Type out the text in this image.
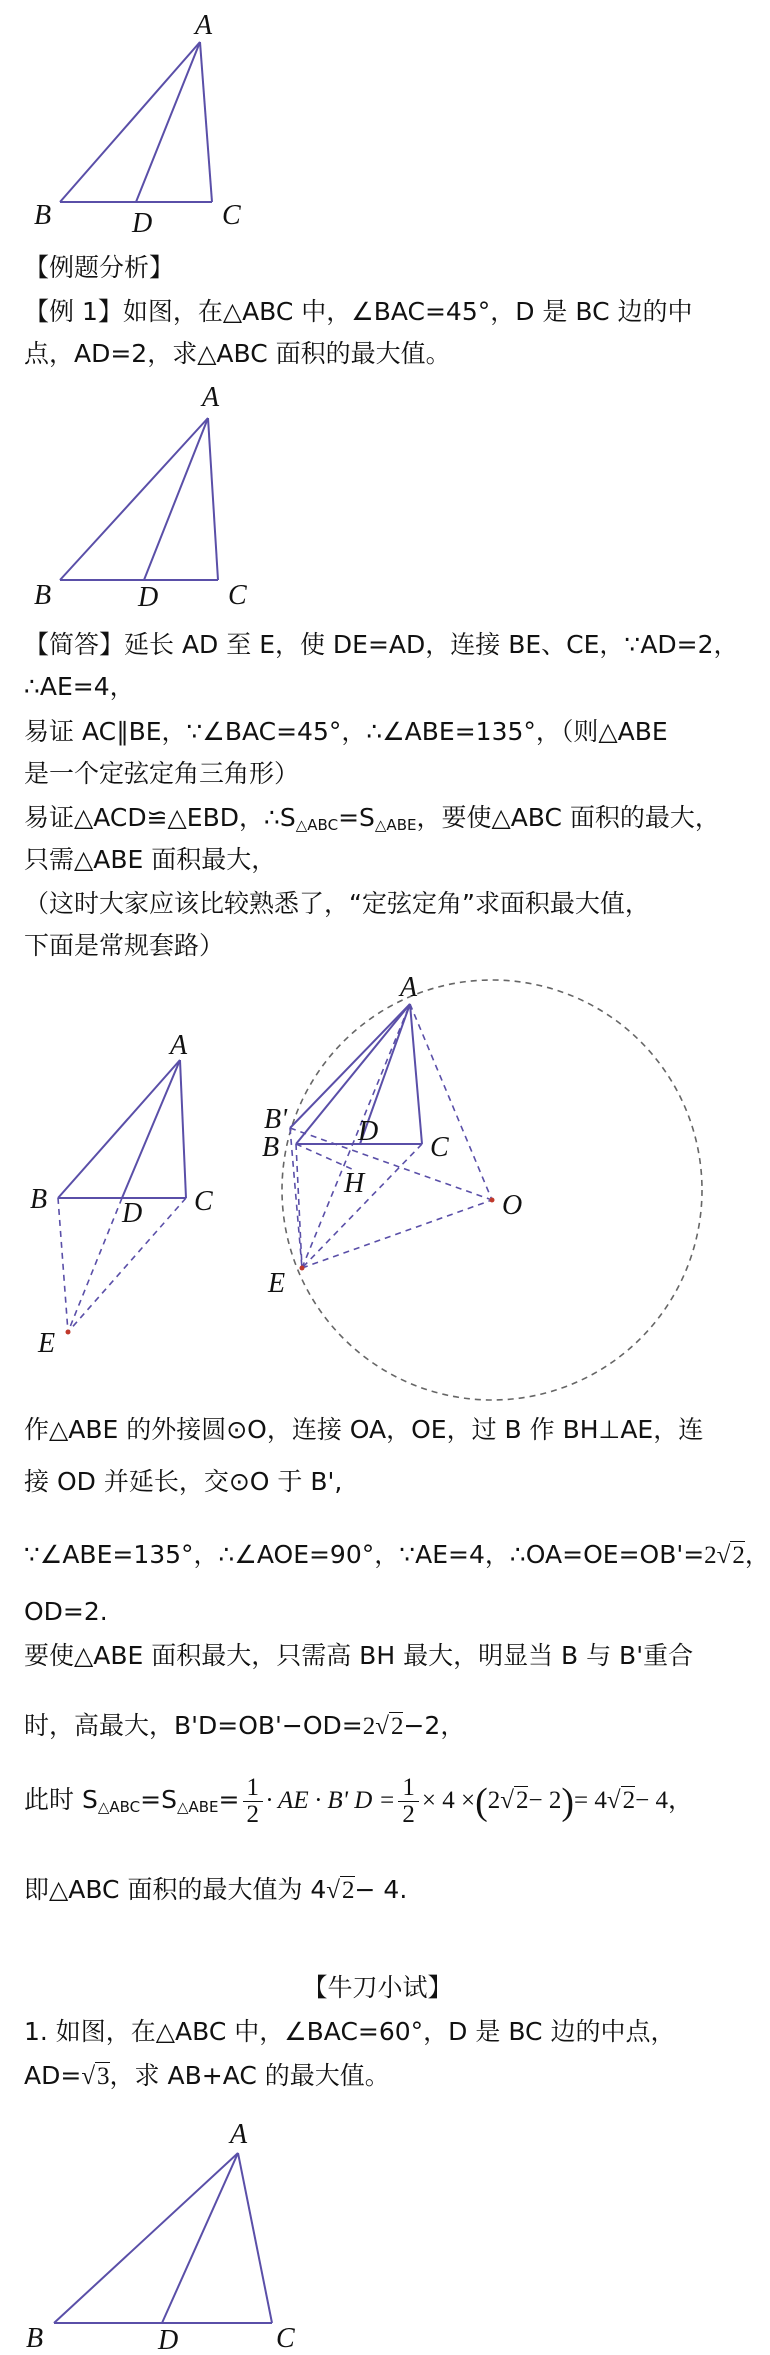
A
B	D C
【例题分析】
【例 1】如图，在△ABC 中，∠BAC=45°，D 是 BC 边的中
点，AD=2，求△ABC 面积的最大值。
A
B	D C
【简答】延长 AD 至 E，使 DE=AD，连接 BE、CE，∵AD=2，
∴AE=4，
易证 AC∥BE，∵∠BAC=45°，∴∠ABE=135°，（则△ABE
是一个定弦定角三角形）
易证△ACD≌△EBD，$\therefore S_{\triangle ABC}=S_{\triangle ABE}$，要使△ABC 面积的最大，
只需△ABE 面积最大，
（这时大家应该比较熟悉了，“定弦定角”求面积最大值，
下面是常规套路）
A
B	D C
E
A
B'
B
D
C
H
O
E
作△ABE 的外接圆⊙O，连接 OA，OE，过 B 作 BH⊥AE，连
接 OD 并延长，交⊙O 于 B',
∵∠ABE=135°，∴∠AOE=90°，∵AE=4，∴OA=OE=OB'=2√2，
OD=2.
要使△ABE 面积最大，只需高 BH 最大，明显当 B 与 B'重合
时，高最大，B'D=OB'−OD=2√2−2，
此时 $S_{\triangle ABC}=S_{\triangle ABE}= \frac{1}{2}$ · AE · B' $D = \frac{1}{2} \times 4 \times(2√2- 2)= 4√2- 4$，
即△ABC 面积的最大值为 4√2− 4.
【牛刀小试】
1. 如图，在△ABC 中，∠BAC=60°，D 是 BC 边的中点，
AD=√3，求 AB+AC 的最大值。
A
B	D	C
